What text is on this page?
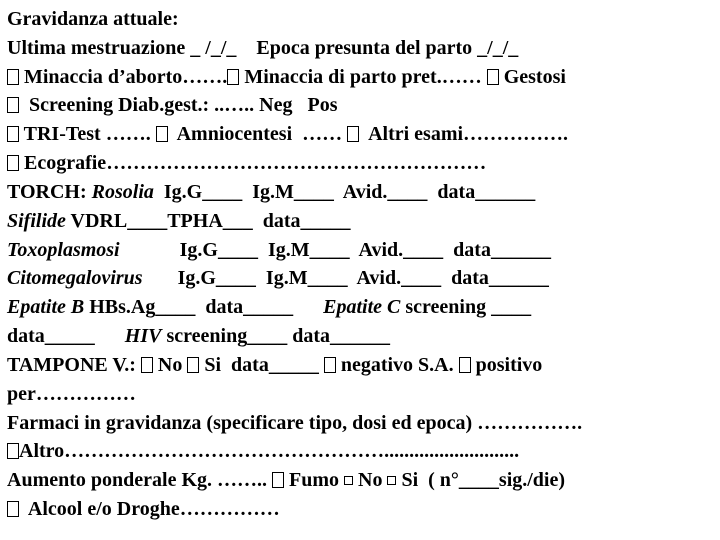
Gravidanza attuale:
Ultima mestruazione _ /_/_ Epoca presunta del parto _/_/_
Minaccia d’aborto……. Minaccia di parto pret.…… Gestosi
Screening Diab.gest.: ..….. Neg   Pos
TRI-Test …….   Amniocentesi  …… Altri esami…………….
Ecografie…………………………………………………
TORCH: Rosolia  Ig.G____  Ig.M____  Avid.____  data______
Sifilide VDRL____TPHA___  data_____
Toxoplasmosi            Ig.G____  Ig.M____  Avid.____  data______
Citomegalovirus       Ig.G____  Ig.M____  Avid.____  data______
Epatite B HBs.Ag____  data_____      Epatite C screening ____
data_____      HIV screening____ data______
TAMPONE V.:  No  Si  data_____  negativo S.A.  positivo
per……………
Farmaci in gravidanza (specificare tipo, dosi ed epoca) …………….
Altro…………………………………………...........................
Aumento ponderale Kg. ……..  Fumo  No  Si  ( n°____sig./die)
Alcool e/o Droghe……………
